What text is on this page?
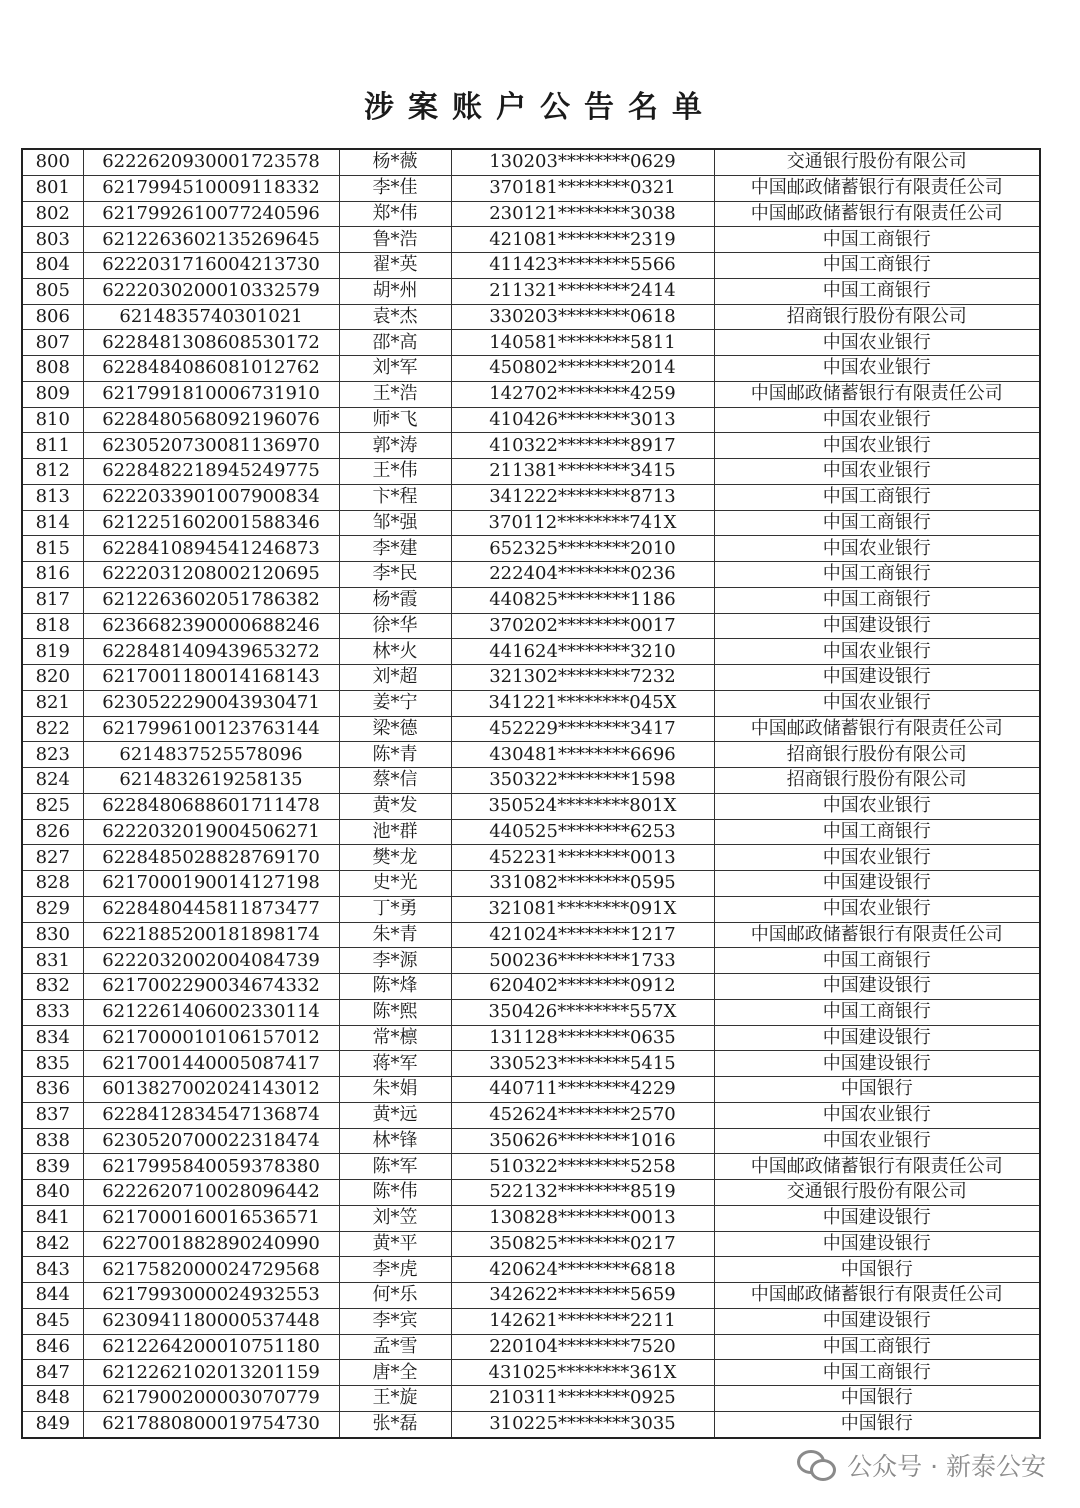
涉案账户公告名单
800	6222620930001723578	杨*薇	130203********0629	交通银行股份有限公司
801	6217994510009118332	李*佳	370181********0321	中国邮政储蓄银行有限责任公司
802	6217992610077240596	郑*伟	230121********3038	中国邮政储蓄银行有限责任公司
803	6212263602135269645	鲁*浩	421081********2319	中国工商银行
804	6222031716004213730	翟*英	411423********5566	中国工商银行
805	6222030200010332579	胡*州	211321********2414	中国工商银行
806	6214835740301021	袁*杰	330203********0618	招商银行股份有限公司
807	6228481308608530172	邵*高	140581********5811	中国农业银行
808	6228484086081012762	刘*军	450802********2014	中国农业银行
809	6217991810006731910	王*浩	142702********4259	中国邮政储蓄银行有限责任公司
810	6228480568092196076	师*飞	410426********3013	中国农业银行
811	6230520730081136970	郭*涛	410322********8917	中国农业银行
812	6228482218945249775	王*伟	211381********3415	中国农业银行
813	6222033901007900834	卞*程	341222********8713	中国工商银行
814	6212251602001588346	邹*强	370112********741X	中国工商银行
815	6228410894541246873	李*建	652325********2010	中国农业银行
816	6222031208002120695	李*民	222404********0236	中国工商银行
817	6212263602051786382	杨*霞	440825********1186	中国工商银行
818	6236682390000688246	徐*华	370202********0017	中国建设银行
819	6228481409439653272	林*火	441624********3210	中国农业银行
820	6217001180014168143	刘*超	321302********7232	中国建设银行
821	6230522290043930471	姜*宁	341221********045X	中国农业银行
822	6217996100123763144	梁*德	452229********3417	中国邮政储蓄银行有限责任公司
823	6214837525578096	陈*青	430481********6696	招商银行股份有限公司
824	6214832619258135	蔡*信	350322********1598	招商银行股份有限公司
825	6228480688601711478	黄*发	350524********801X	中国农业银行
826	6222032019004506271	池*群	440525********6253	中国工商银行
827	6228485028828769170	樊*龙	452231********0013	中国农业银行
828	6217000190014127198	史*光	331082********0595	中国建设银行
829	6228480445811873477	丁*勇	321081********091X	中国农业银行
830	6221885200181898174	朱*青	421024********1217	中国邮政储蓄银行有限责任公司
831	6222032002004084739	李*源	500236********1733	中国工商银行
832	6217002290034674332	陈*烽	620402********0912	中国建设银行
833	6212261406002330114	陈*熙	350426********557X	中国工商银行
834	6217000010106157012	常*檩	131128********0635	中国建设银行
835	6217001440005087417	蒋*军	330523********5415	中国建设银行
836	6013827002024143012	朱*娟	440711********4229	中国银行
837	6228412834547136874	黄*远	452624********2570	中国农业银行
838	6230520700022318474	林*锋	350626********1016	中国农业银行
839	6217995840059378380	陈*军	510322********5258	中国邮政储蓄银行有限责任公司
840	6222620710028096442	陈*伟	522132********8519	交通银行股份有限公司
841	6217000160016536571	刘*笠	130828********0013	中国建设银行
842	6227001882890240990	黄*平	350825********0217	中国建设银行
843	6217582000024729568	李*虎	420624********6818	中国银行
844	6217993000024932553	何*乐	342622********5659	中国邮政储蓄银行有限责任公司
845	6230941180000537448	李*宾	142621********2211	中国建设银行
846	6212264200010751180	孟*雪	220104********7520	中国工商银行
847	6212262102013201159	唐*全	431025********361X	中国工商银行
848	6217900200003070779	王*旋	210311********0925	中国银行
849	6217880800019754730	张*磊	310225********3035	中国银行
公众号 · 新泰公安
